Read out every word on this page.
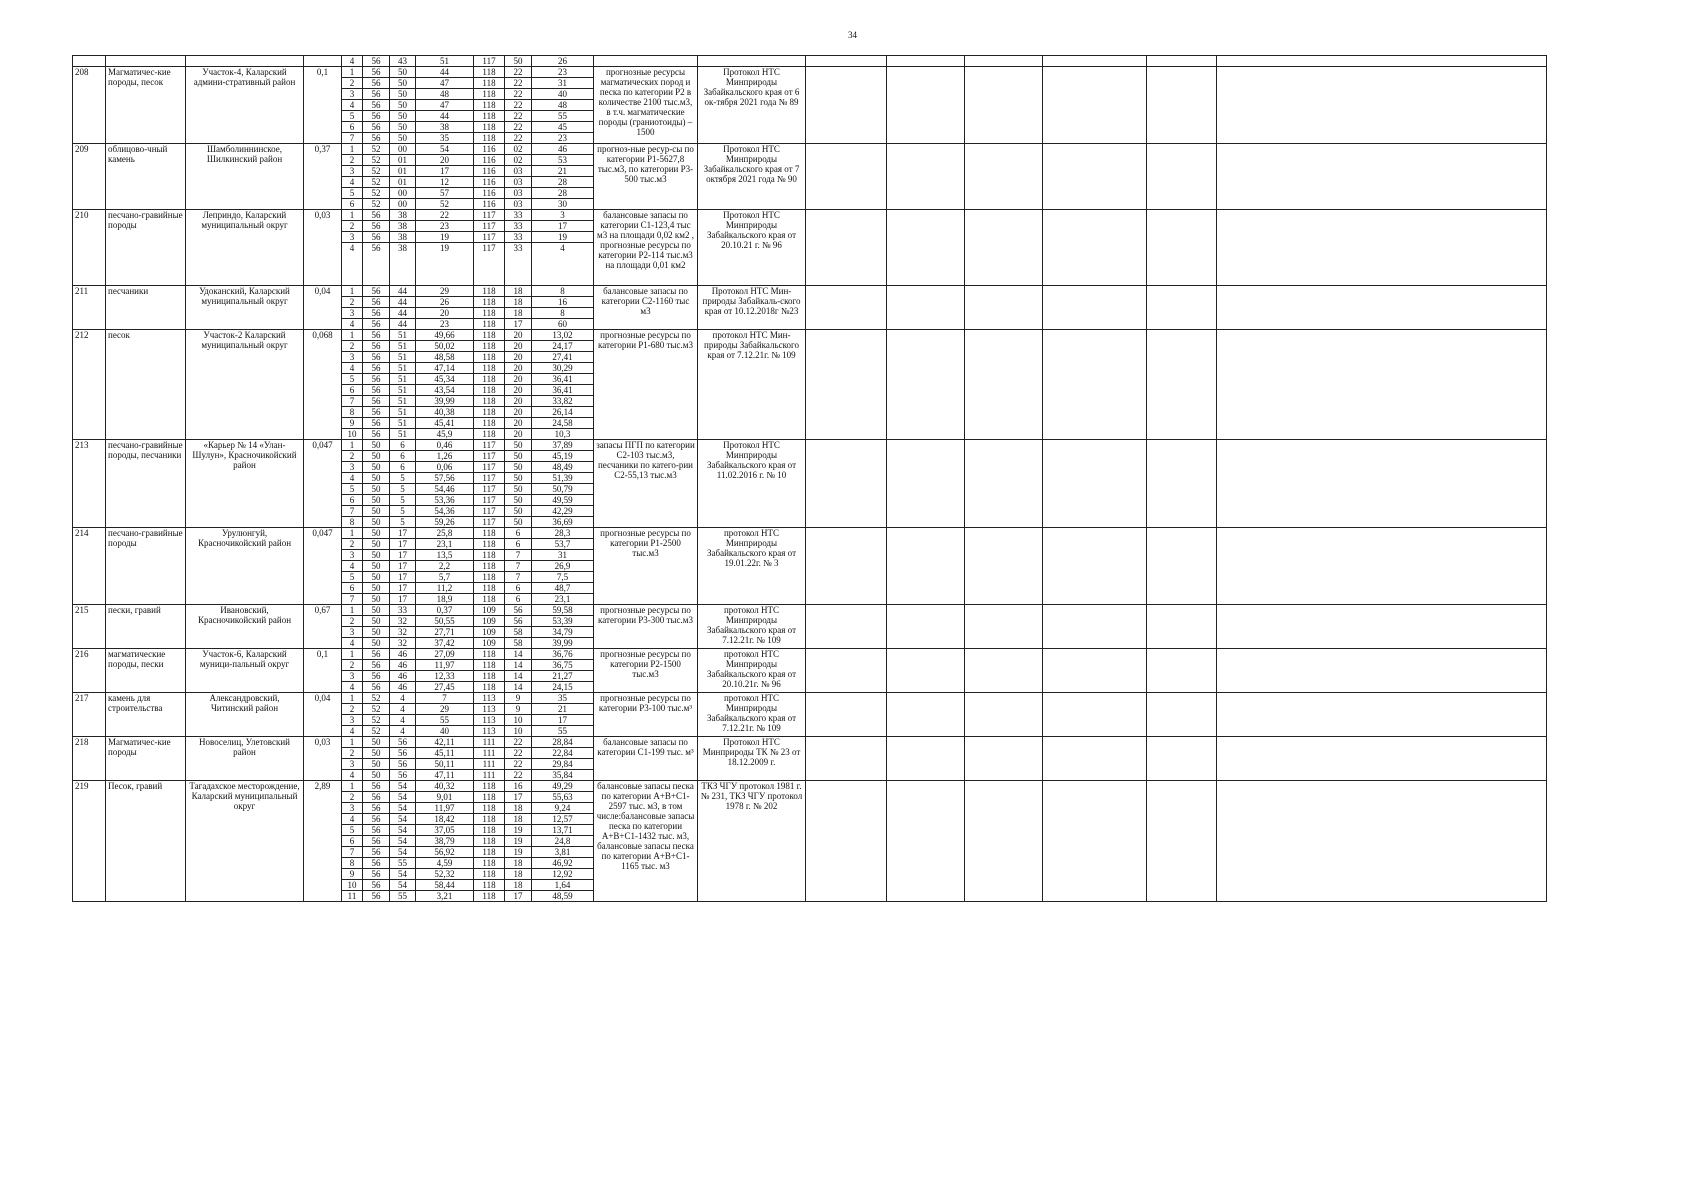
34
				4	56	43	51	117	50	26								
208	Магматичес-кие породы, песок	Участок-4, Каларский админи-стративный район	0,1	1	56	50	44	118	22	23	прогнозные ресурсы магматических пород и песка по категории Р2 в количестве 2100 тыс.м3, в т.ч. магматические породы (граниотоиды) – 1500	Протокол НТС Минприроды Забайкальского края от 6 ок-тября 2021 года № 89						
				2	56	50	47	118	22	31								
				3	56	50	48	118	22	40								
				4	56	50	47	118	22	48								
				5	56	50	44	118	22	55								
				6	56	50	38	118	22	45								
				7	56	50	35	118	22	23								
209	облицово-чный камень	Шамболиннинское, Шилкинский район	0,37	1	52	00	54	116	02	46	прогноз-ные ресур-сы по категории Р1-5627,8 тыс.м3, по категории Р3-500 тыс.м3	Протокол НТС Минприроды Забайкальского края от 7 октября 2021 года № 90						
				2	52	01	20	116	02	53								
				3	52	01	17	116	03	21								
				4	52	01	12	116	03	28								
				5	52	00	57	116	03	28								
				6	52	00	52	116	03	30								
210	песчано-гравийные породы	Леприндо, Каларский муниципальный округ	0,03	1	56	38	22	117	33	3	балансовые запасы по категории С1-123,4 тыс м3 на площади 0,02 км2 , прогнозные ресурсы по категории Р2-114 тыс.м3 на площади 0,01 км2	Протокол НТС Минприроды Забайкальского края от 20.10.21 г. № 96						
				2	56	38	23	117	33	17								
				3	56	38	19	117	33	19								
				4	56	38	19	117	33	4								
211	песчаники	Удоканский, Каларский муниципальный округ	0,04	1	56	44	29	118	18	8	балансовые запасы по категории С2-1160 тыс м3	Протокол НТС Мин-природы Забайкаль-ского края от 10.12.2018г №23						
				2	56	44	26	118	18	16								
				3	56	44	20	118	18	8								
				4	56	44	23	118	17	60								
212	песок	Участок-2 Каларский муниципальный округ	0,068	1	56	51	49,66	118	20	13,02	прогнозные ресурсы по категории Р1-680 тыс.м3	протокол НТС Мин-природы Забайкальского края от 7.12.21г. № 109						
				2	56	51	50,02	118	20	24,17								
				3	56	51	48,58	118	20	27,41								
				4	56	51	47,14	118	20	30,29								
				5	56	51	45,34	118	20	36,41								
				6	56	51	43,54	118	20	36,41								
				7	56	51	39,99	118	20	33,82								
				8	56	51	40,38	118	20	26,14								
				9	56	51	45,41	118	20	24,58								
				10	56	51	45,9	118	20	10,3								
213	песчано-гравийные породы, песчаники	«Карьер № 14 «Улан-Шулун», Красночикойский район	0,047	1	50	6	0,46	117	50	37,89	запасы ПГП по категории С2-103 тыс.м3, песчаники по катего-рии С2-55,13 тыс.м3	Протокол НТС Минприроды Забайкальского края от 11.02.2016 г. № 10						
				2	50	6	1,26	117	50	45,19								
				3	50	6	0,06	117	50	48,49								
				4	50	5	57,56	117	50	51,39								
				5	50	5	54,46	117	50	50,79								
				6	50	5	53,36	117	50	49,59								
				7	50	5	54,36	117	50	42,29								
				8	50	5	59,26	117	50	36,69								
214	песчано-гравийные породы	Урулюнгуй, Красночикойский район	0,047	1	50	17	25,8	118	6	28,3	прогнозные ресурсы по категории Р1-2500 тыс.м3	протокол НТС Минприроды Забайкальского края от 19.01.22г. № 3						
				2	50	17	23,1	118	6	53,7								
				3	50	17	13,5	118	7	31								
				4	50	17	2,2	118	7	26,9								
				5	50	17	5,7	118	7	7,5								
				6	50	17	11,2	118	6	48,7								
				7	50	17	18,9	118	6	23,1								
215	пески, гравий	Ивановский, Красночикойский район	0,67	1	50	33	0,37	109	56	59,58	прогнозные ресурсы по категории Р3-300 тыс.м3	протокол НТС Минприроды Забайкальского края от 7.12.21г. № 109						
				2	50	32	50,55	109	56	53,39								
				3	50	32	27,71	109	58	34,79								
				4	50	32	37,42	109	58	39,99								
216	магматические породы, пески	Участок-6, Каларский муници-пальный округ	0,1	1	56	46	27,09	118	14	36,76	прогнозные ресурсы по категории Р2-1500 тыс.м3	протокол НТС Минприроды Забайкальского края от 20.10.21г. № 96						
				2	56	46	11,97	118	14	36,75								
				3	56	46	12,33	118	14	21,27								
				4	56	46	27,45	118	14	24,15								
217	камень для строительства	Александровский, Читинский район	0,04	1	52	4	7	113	9	35	прогнозные ресурсы по категории Р3-100 тыс.м³	протокол НТС Минприроды Забайкальского края от 7.12.21г. № 109						
				2	52	4	29	113	9	21								
				3	52	4	55	113	10	17								
				4	52	4	40	113	10	55								
218	Магматичес-кие породы	Новоселиц, Улетовский район	0,03	1	50	56	42,11	111	22	28,84	балансовые запасы по категории С1-199 тыс. м³	Протокол НТС Минприроды ТК № 23 от 18.12.2009 г.						
				2	50	56	45,11	111	22	22,84								
				3	50	56	50,11	111	22	29,84								
				4	50	56	47,11	111	22	35,84								
219	Песок, гравий	Тагадахское месторождение, Каларский муниципальный округ	2,89	1	56	54	40,32	118	16	49,29	балансовые запасы песка по категории А+В+С1-2597 тыс. м3, в том числе:балансовые запасы песка по категории А+В+С1-1432 тыс. м3, балансовые запасы песка по категории А+В+С1-1165 тыс. м3	ТКЗ ЧГУ протокол 1981 г. № 231, ТКЗ ЧГУ протокол 1978 г. № 202						
				2	56	54	9,01	118	17	55,63								
				3	56	54	11,97	118	18	9,24								
				4	56	54	18,42	118	18	12,57								
				5	56	54	37,05	118	19	13,71								
				6	56	54	38,79	118	19	24,8								
				7	56	54	56,92	118	19	3,81								
				8	56	55	4,59	118	18	46,92								
				9	56	54	52,32	118	18	12,92								
				10	56	54	58,44	118	18	1,64								
				11	56	55	3,21	118	17	48,59								
